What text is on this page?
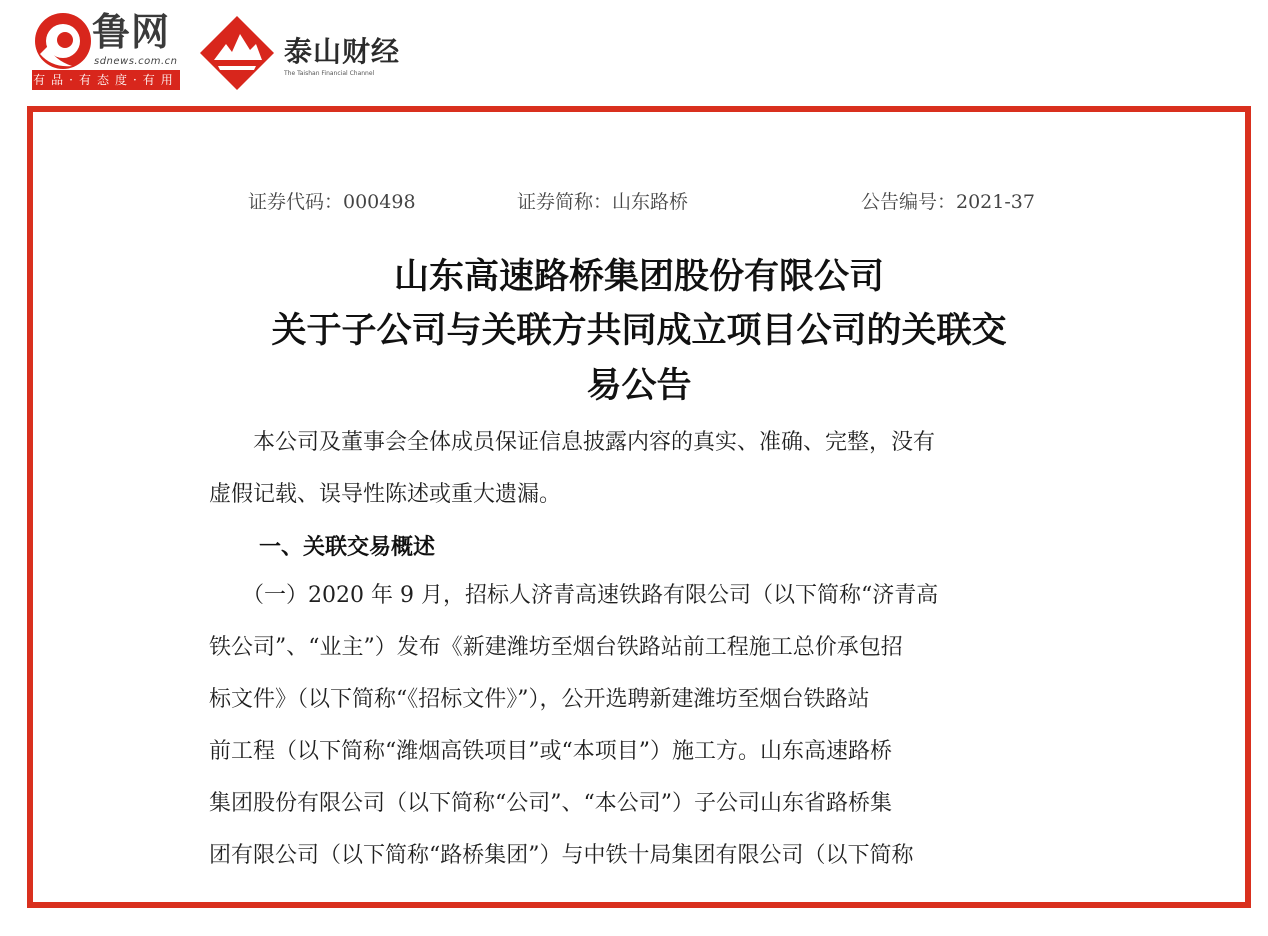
鲁网
sdnews.com.cn
有品·有态度·有用
泰山财经
The Taishan Financial Channel
证券代码：000498	证券简称：山东路桥	公告编号：2021-37
山东高速路桥集团股份有限公司
关于子公司与关联方共同成立项目公司的关联交
易公告
　　本公司及董事会全体成员保证信息披露内容的真实、准确、完整，没有
虚假记载、误导性陈述或重大遗漏。
一、关联交易概述
　　（一）2020 年 9 月，招标人济青高速铁路有限公司（以下简称“济青高
铁公司”、“业主”）发布《新建潍坊至烟台铁路站前工程施工总价承包招
标文件》（以下简称“《招标文件》”），公开选聘新建潍坊至烟台铁路站
前工程（以下简称“潍烟高铁项目”或“本项目”）施工方。山东高速路桥
集团股份有限公司（以下简称“公司”、“本公司”）子公司山东省路桥集
团有限公司（以下简称“路桥集团”）与中铁十局集团有限公司（以下简称
